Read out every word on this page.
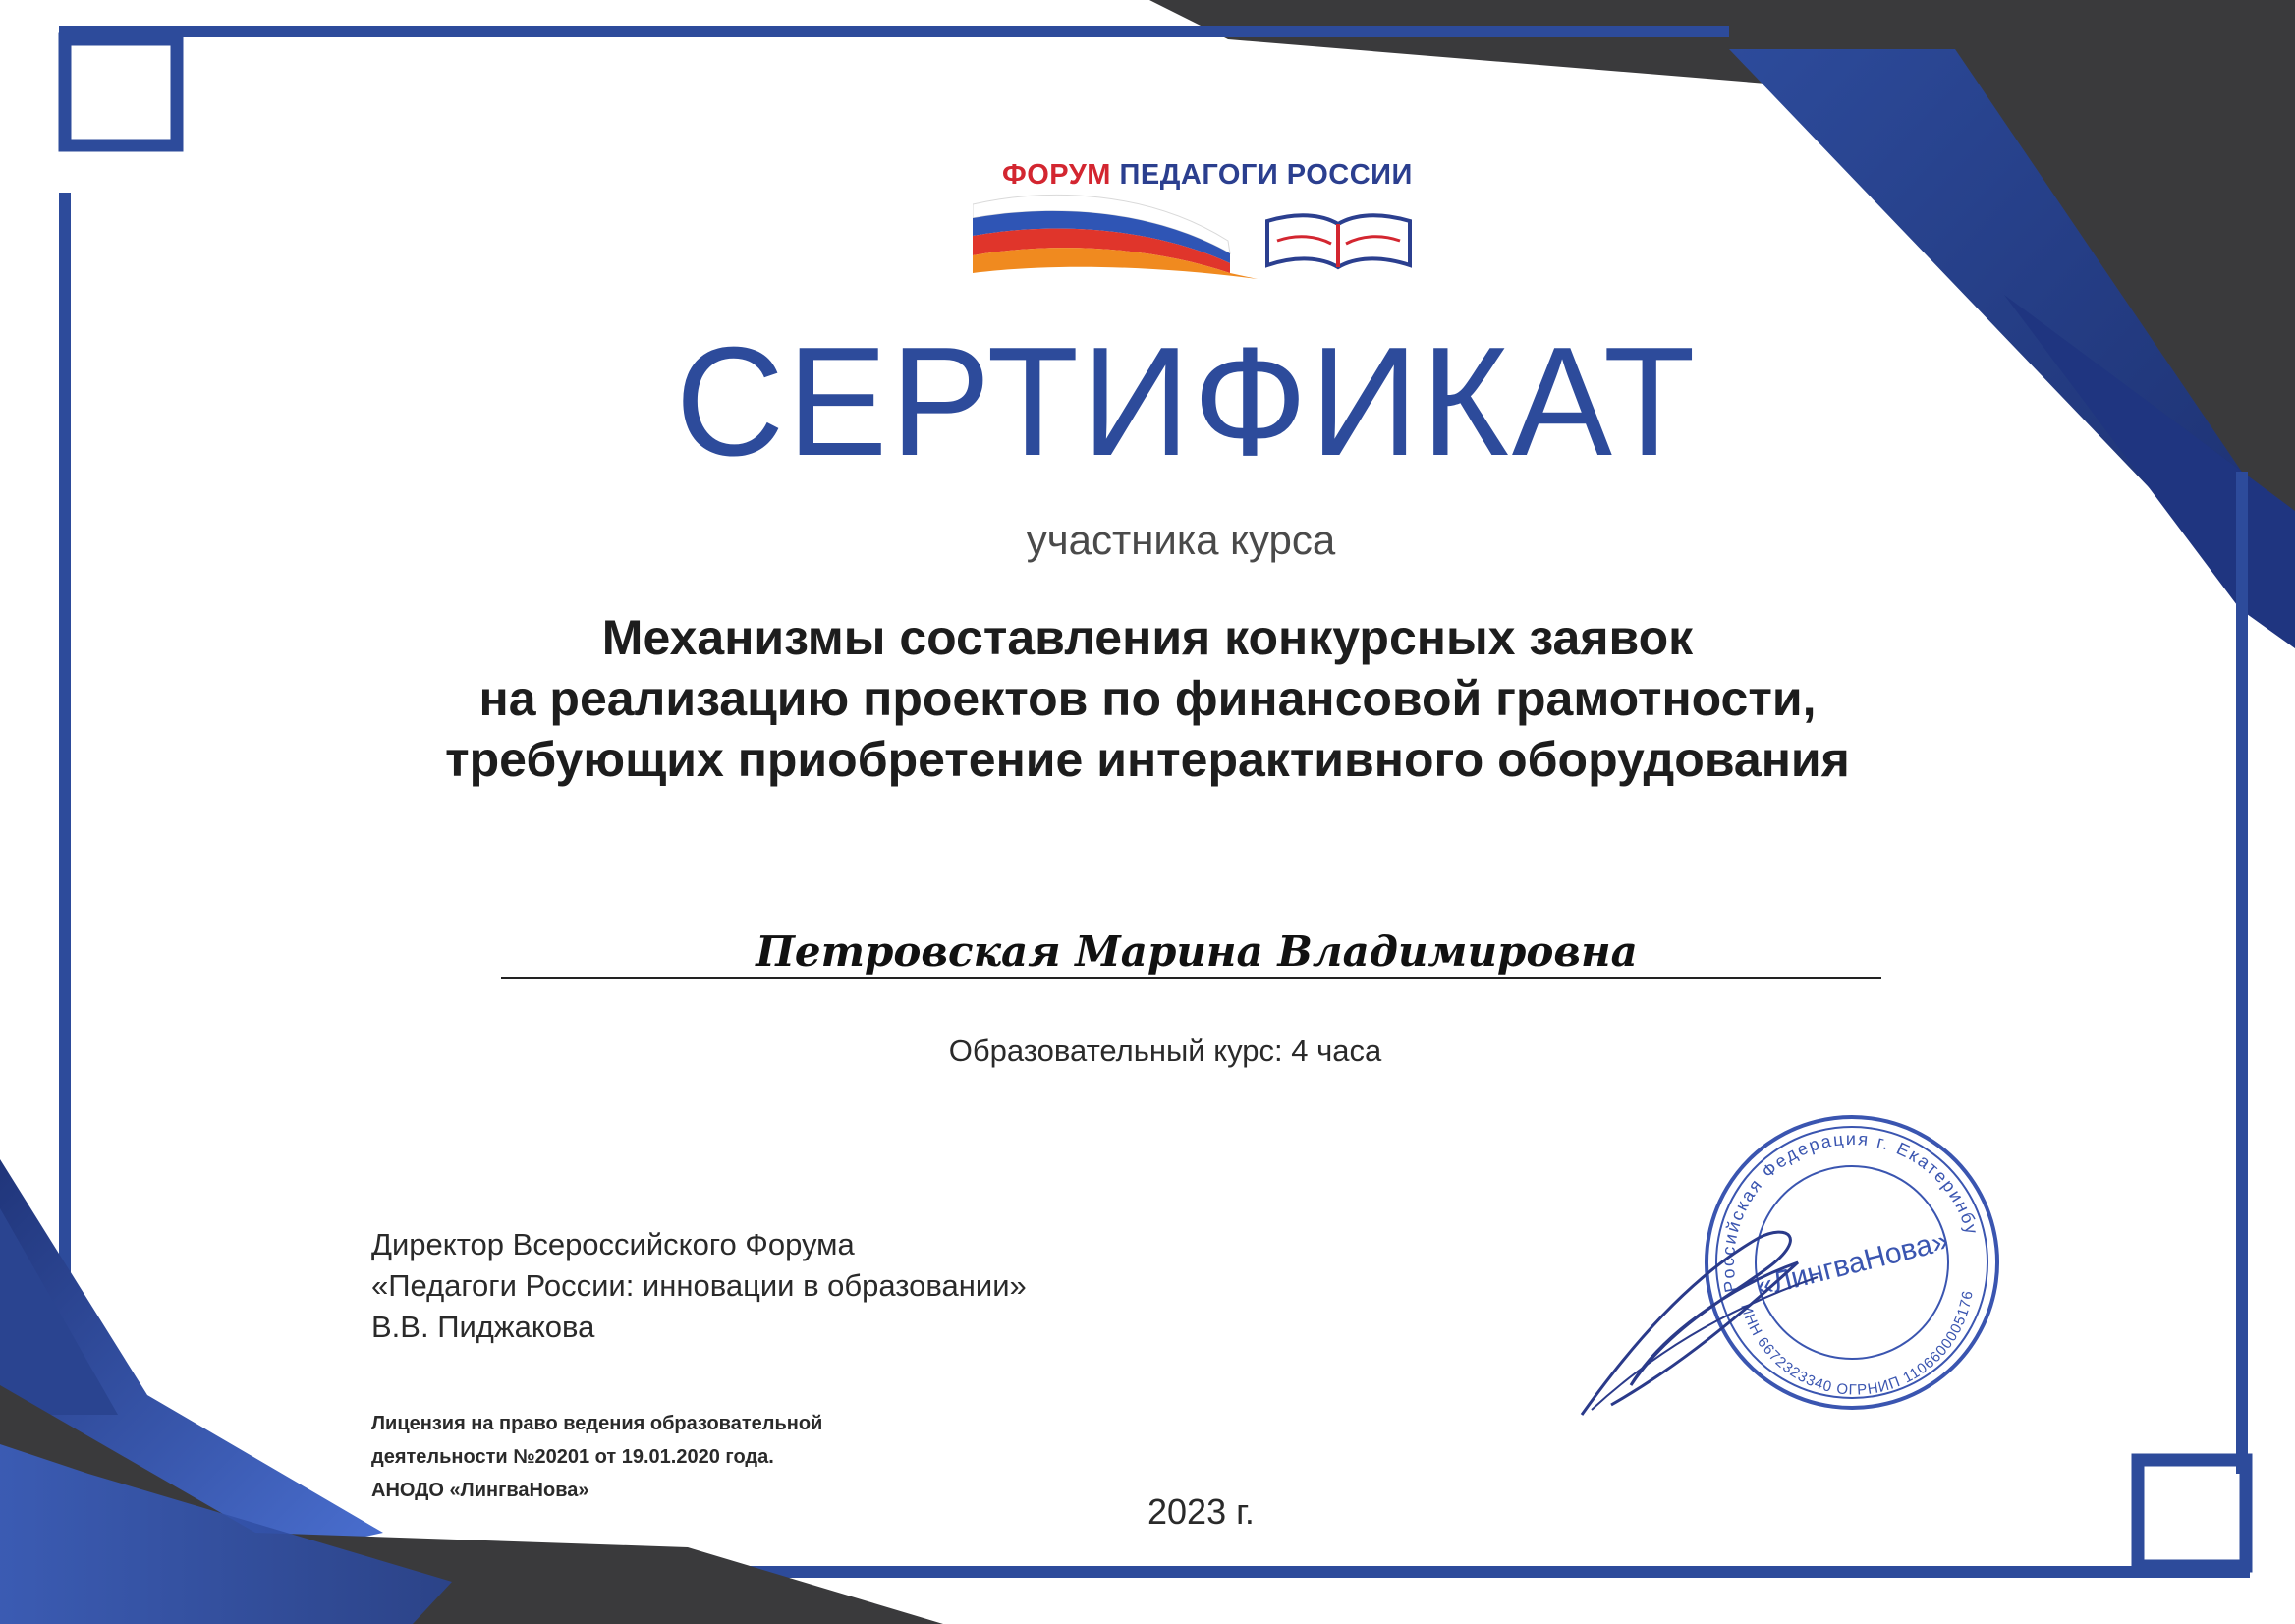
ФОРУМ ПЕДАГОГИ РОССИИ
СЕРТИФИКАТ
участника курса
Механизмы составления конкурсных заявок
на реализацию проектов по финансовой грамотности,
требующих приобретение интерактивного оборудования
Петровская Марина Владимировна
Образовательный курс: 4 часа
Директор Всероссийского Форума
«Педагоги России: инновации в образовании»
В.В. Пиджакова
Лицензия на право ведения образовательной
деятельности №20201 от 19.01.2020 года.
АНОДО «ЛингваНова»
2023 г.
Российская Федерация г. Екатеринбург
ИНН 6672323340 ОГРНИП 1106600005176
«ЛингваНова»
